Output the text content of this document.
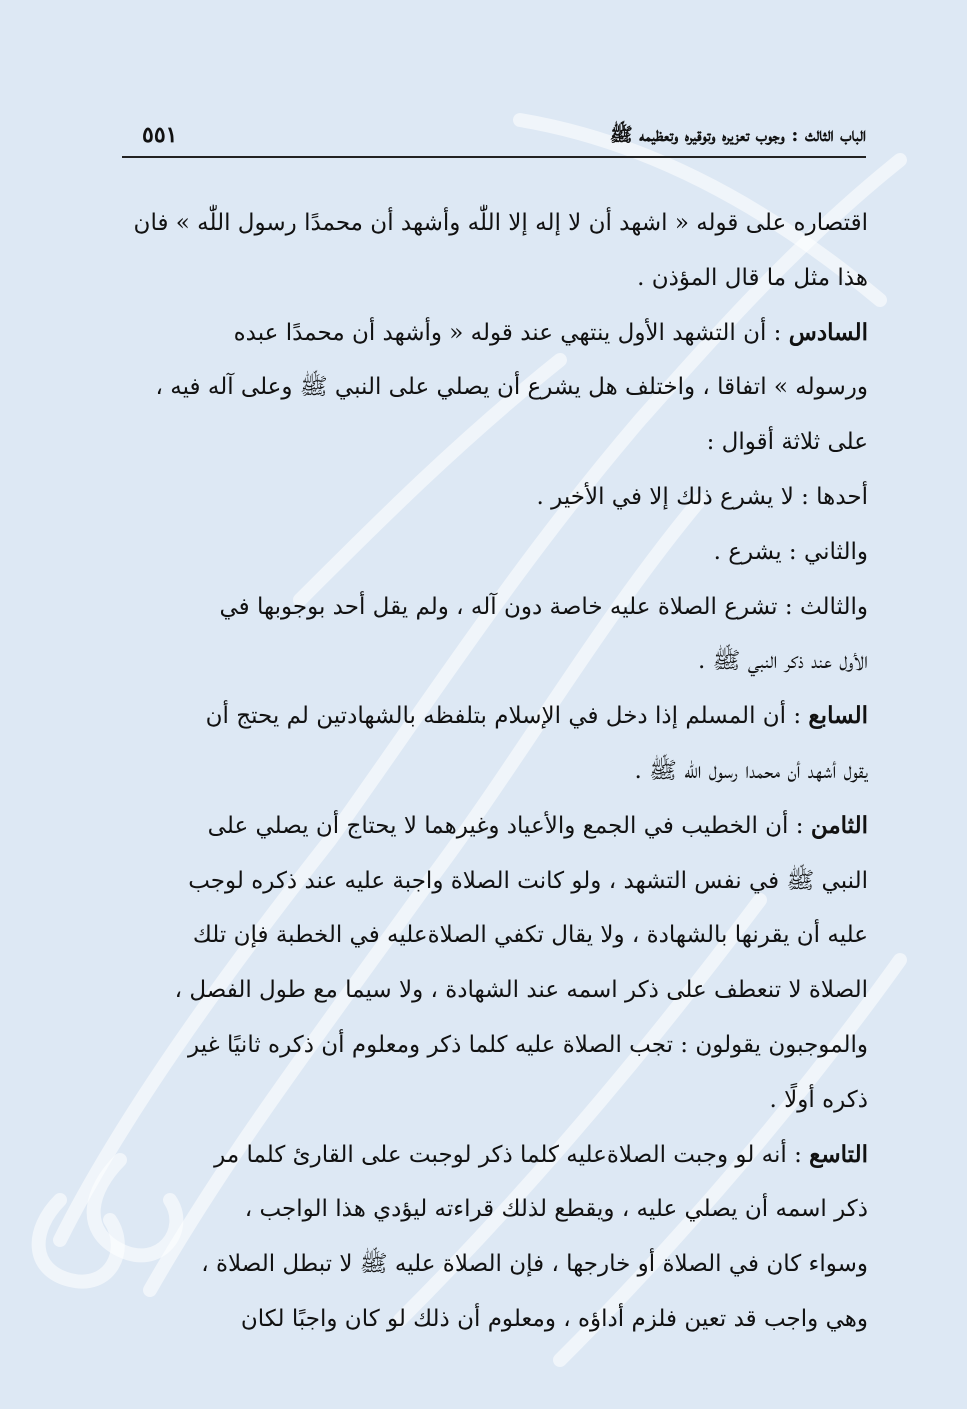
٥٥١	الباب الثالث : وجوب تعزيره وتوقيره وتعظيمه ﷺ
اقتصاره على قوله « اشهد أن لا إله إلا اللّٰه وأشهد أن محمدًا رسول اللّٰه » فان
هذا مثل ما قال المؤذن .
السادس : أن التشهد الأول ينتهي عند قوله « وأشهد أن محمدًا عبده
ورسوله » اتفاقا ، واختلف هل يشرع أن يصلي على النبي ﷺ وعلى آله فيه ،
على ثلاثة أقوال :
أحدها : لا يشرع ذلك إلا في الأخير .
والثاني : يشرع .
والثالث : تشرع الصلاة عليه خاصة دون آله ، ولم يقل أحد بوجوبها في
الأول عند ذكر النبي ﷺ .
السابع : أن المسلم إذا دخل في الإسلام بتلفظه بالشهادتين لم يحتج أن
يقول أشهد أن محمدا رسول اللّٰه ﷺ .
الثامن : أن الخطيب في الجمع والأعياد وغيرهما لا يحتاج أن يصلي على
النبي ﷺ في نفس التشهد ، ولو كانت الصلاة واجبة عليه عند ذكره لوجب
عليه أن يقرنها بالشهادة ، ولا يقال تكفي الصلاةعليه في الخطبة فإن تلك
الصلاة لا تنعطف على ذكر اسمه عند الشهادة ، ولا سيما مع طول الفصل ،
والموجبون يقولون : تجب الصلاة عليه كلما ذكر ومعلوم أن ذكره ثانيًا غير
ذكره أولًا .
التاسع : أنه لو وجبت الصلاةعليه كلما ذكر لوجبت على القارئ كلما مر
ذكر اسمه أن يصلي عليه ، ويقطع لذلك قراءته ليؤدي هذا الواجب ،
وسواء كان في الصلاة أو خارجها ، فإن الصلاة عليه ﷺ لا تبطل الصلاة ،
وهي واجب قد تعين فلزم أداؤه ، ومعلوم أن ذلك لو كان واجبًا لكان
